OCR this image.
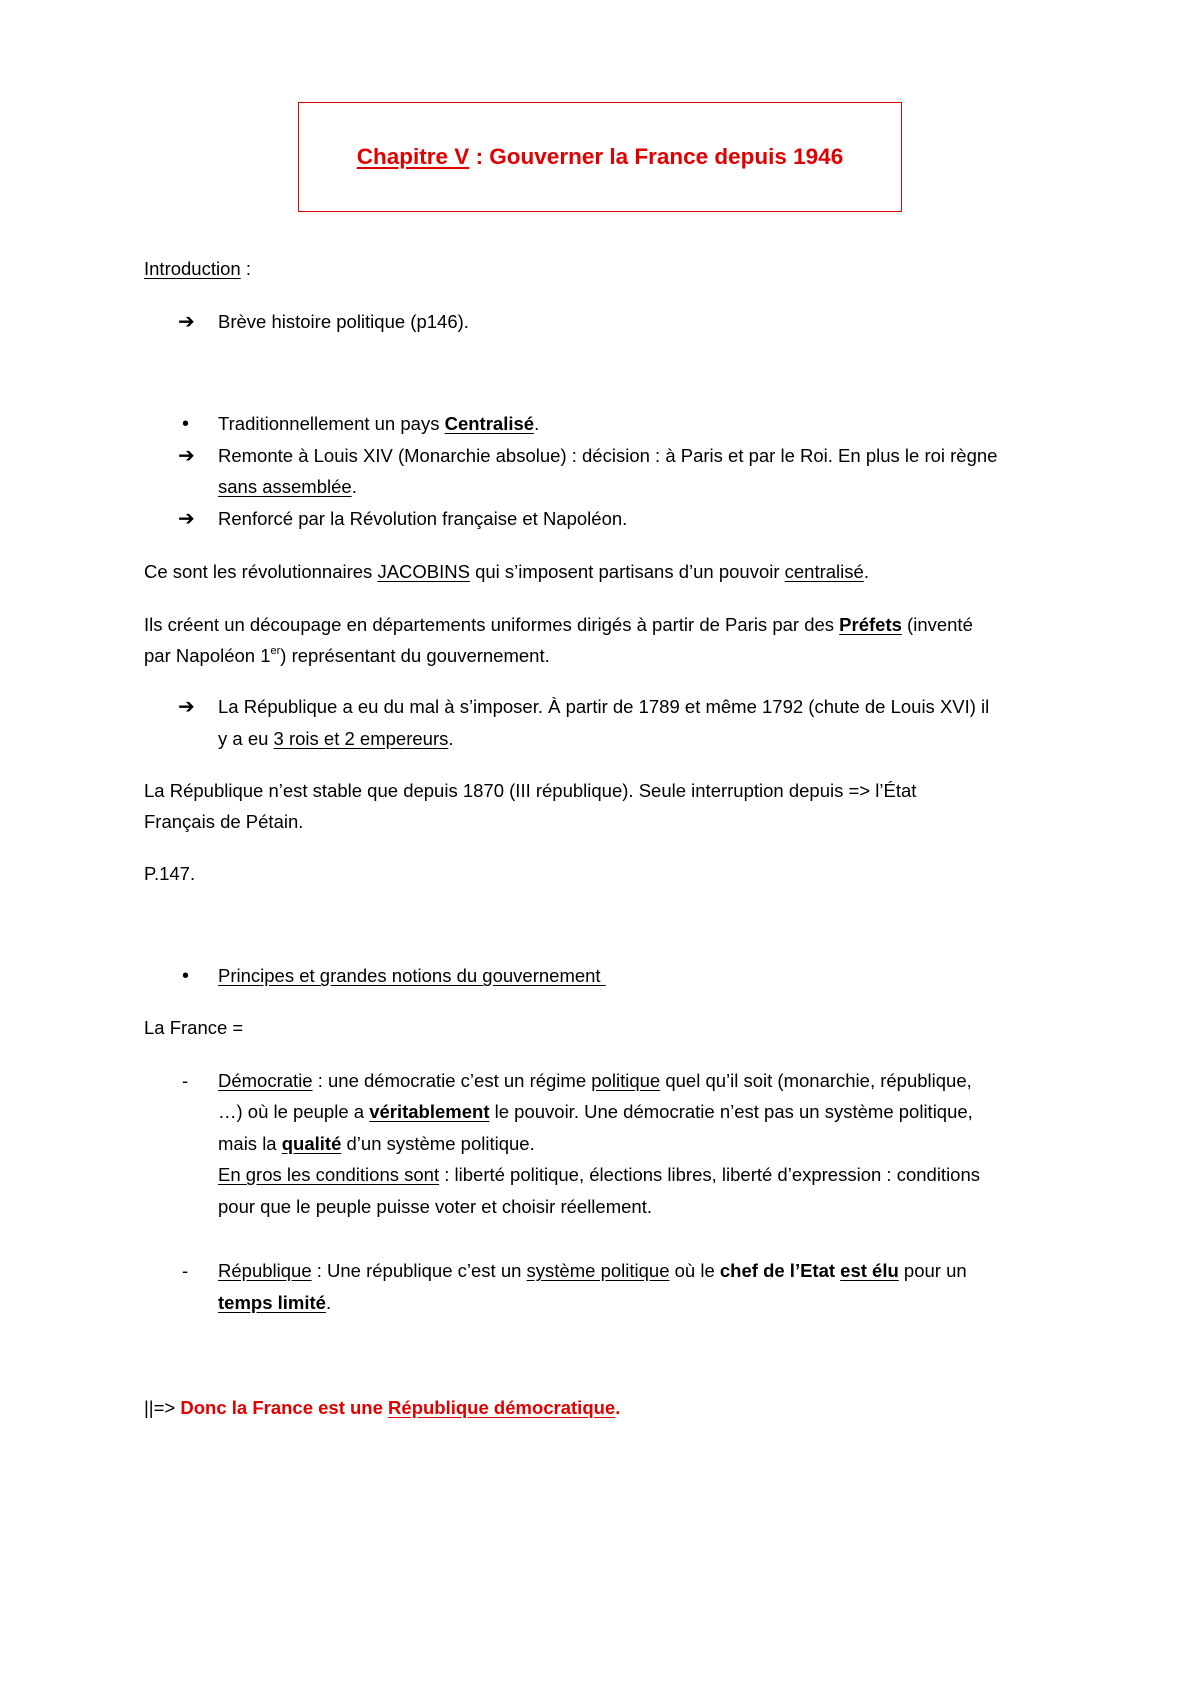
Chapitre V : Gouverner la France depuis 1946
Introduction :
➔ Brève histoire politique (p146).
• Traditionnellement un pays Centralisé.
➔ Remonte à Louis XIV (Monarchie absolue) : décision : à Paris et par le Roi. En plus le roi règne
sans assemblée.
➔ Renforcé par la Révolution française et Napoléon.
Ce sont les révolutionnaires JACOBINS qui s’imposent partisans d’un pouvoir centralisé.
Ils créent un découpage en départements uniformes dirigés à partir de Paris par des Préfets (inventé
par Napoléon 1er) représentant du gouvernement.
➔ La République a eu du mal à s’imposer. À partir de 1789 et même 1792 (chute de Louis XVI) il
y a eu 3 rois et 2 empereurs.
La République n’est stable que depuis 1870 (III république). Seule interruption depuis => l’État
Français de Pétain.
P.147.
• Principes et grandes notions du gouvernement
La France =
- Démocratie : une démocratie c’est un régime politique quel qu’il soit (monarchie, république,
…) où le peuple a véritablement le pouvoir. Une démocratie n’est pas un système politique,
mais la qualité d’un système politique.
En gros les conditions sont : liberté politique, élections libres, liberté d’expression : conditions
pour que le peuple puisse voter et choisir réellement.
- République : Une république c’est un système politique où le chef de l’Etat est élu pour un
temps limité.
||=> Donc la France est une République démocratique.
